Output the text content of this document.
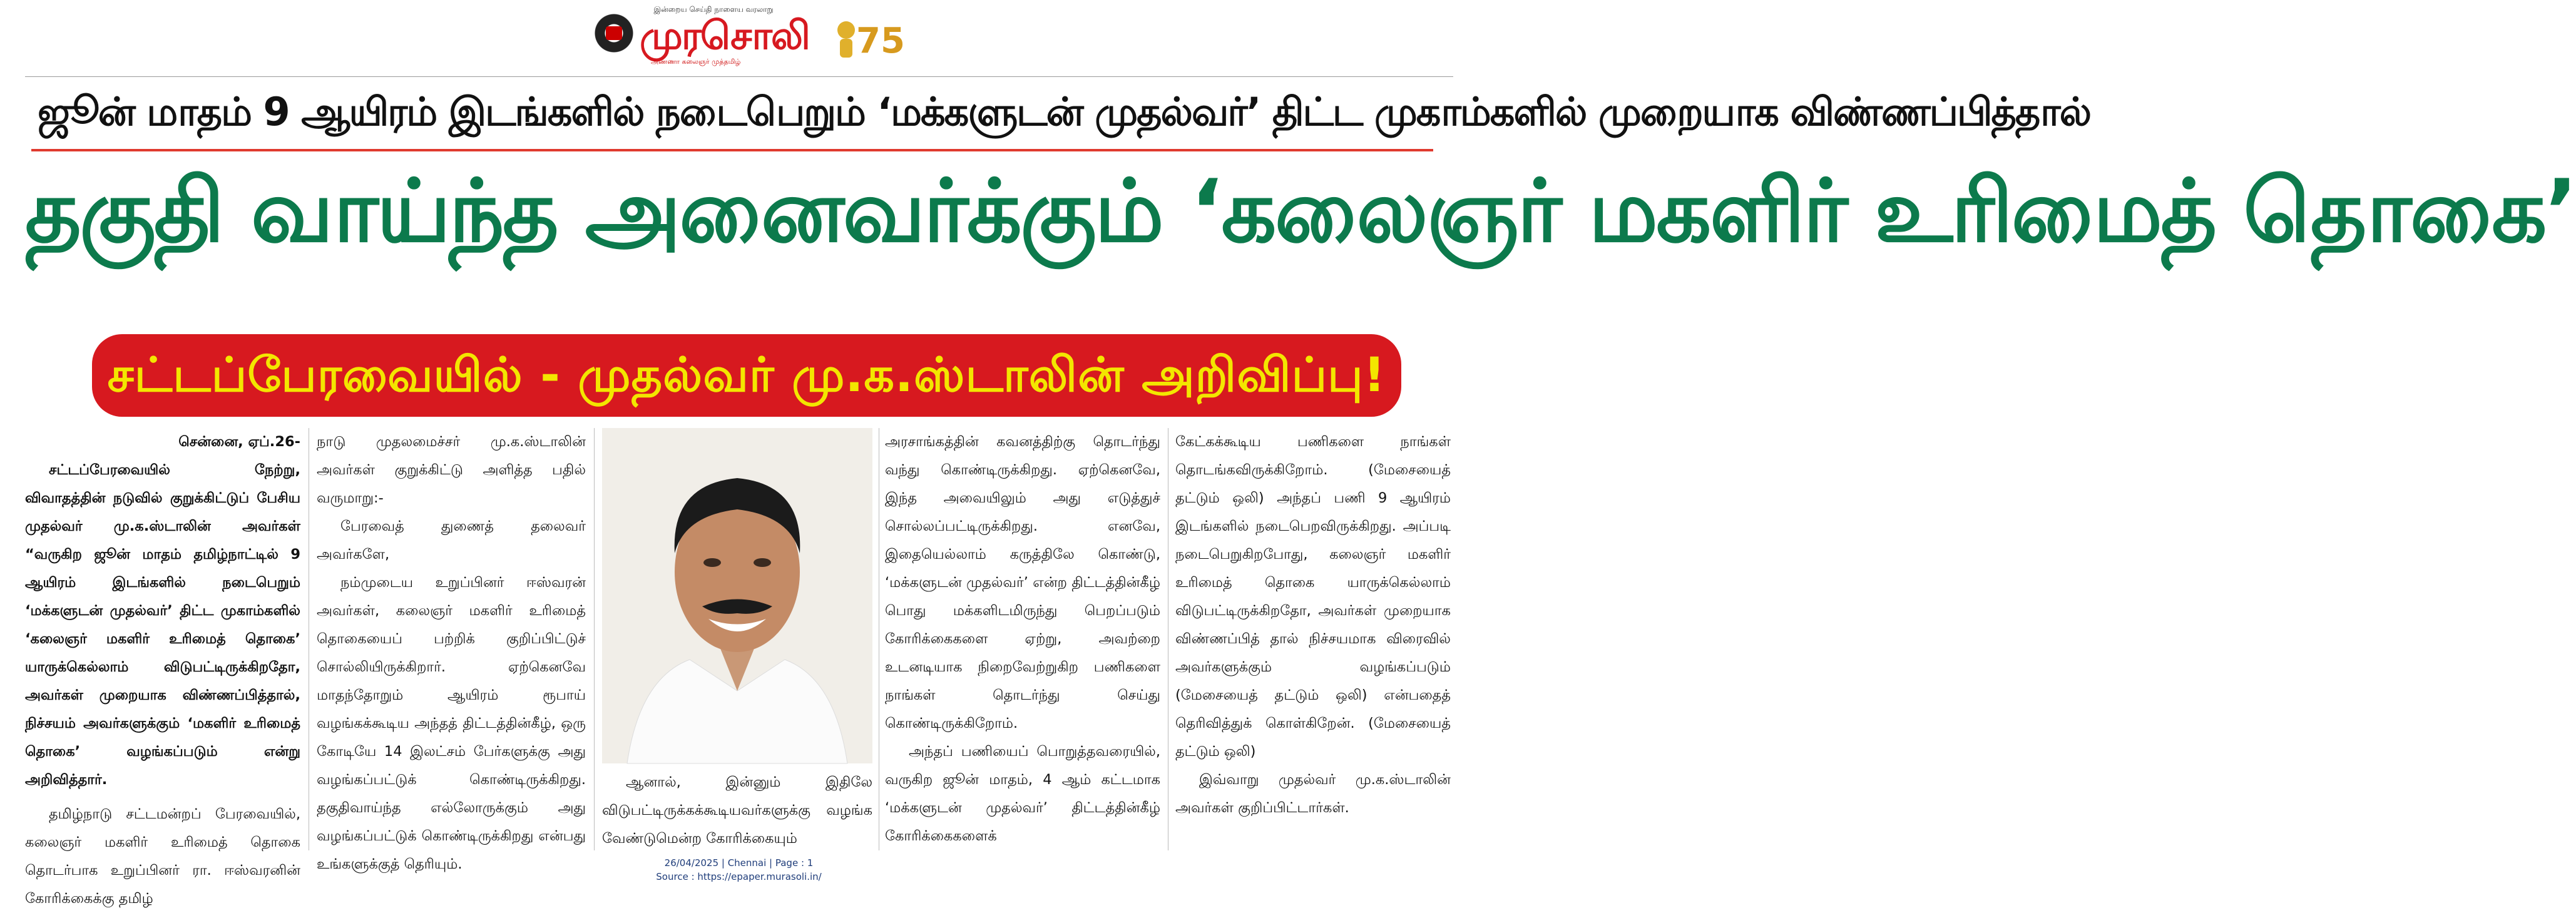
இன்றைய செய்தி நாளைய வரலாறு
முரசொலி
அண்ணா கலைஞர் முத்தமிழ்
75
ஜூன் மாதம் 9 ஆயிரம் இடங்களில் நடைபெறும் ‘மக்களுடன் முதல்வர்’ திட்ட முகாம்களில் முறையாக விண்ணப்பித்தால்
தகுதி வாய்ந்த அனைவர்க்கும் ‘கலைஞர் மகளிர் உரிமைத் தொகை’
சட்டப்பேரவையில் - முதல்வர் மு.க.ஸ்டாலின் அறிவிப்பு!

சென்னை, ஏப்.26-

சட்டப்பேரவையில் நேற்று, விவாதத்தின் நடுவில் குறுக்கிட்டுப் பேசிய முதல்வர் மு.க.ஸ்டாலின் அவர்கள் “வருகிற ஜூன் மாதம் தமிழ்நாட்டில் 9 ஆயிரம் இடங்களில் நடைபெறும் ‘மக்களுடன் முதல்வர்’ திட்ட முகாம்களில் ‘கலைஞர் மகளிர் உரிமைத் தொகை’ யாருக்கெல்லாம் விடுபட்டிருக்கிறதோ, அவர்கள் முறையாக விண்ணப்பித்தால், நிச்சயம் அவர்களுக்கும் ‘மகளிர் உரிமைத் தொகை’ வழங்கப்படும் என்று அறிவித்தார்.

தமிழ்நாடு சட்டமன்றப் பேரவையில், கலைஞர் மகளிர் உரிமைத் தொகை தொடர்பாக உறுப்பினர் ரா. ஈஸ்வரனின் கோரிக்கைக்கு தமிழ்

நாடு முதலமைச்சர் மு.க.ஸ்டாலின் அவர்கள் குறுக்கிட்டு அளித்த பதில் வருமாறு:-

பேரவைத் துணைத் தலைவர் அவர்களே,

நம்முடைய உறுப்பினர் ஈஸ்வரன் அவர்கள், கலைஞர் மகளிர் உரிமைத் தொகையைப் பற்றிக் குறிப்பிட்டுச் சொல்லியிருக்கிறார். ஏற்கெனவே மாதந்தோறும் ஆயிரம் ரூபாய் வழங்கக்கூடிய அந்தத் திட்டத்தின்கீழ், ஒரு கோடியே 14 இலட்சம் பேர்களுக்கு அது வழங்கப்பட்டுக் கொண்டிருக்கிறது. தகுதிவாய்ந்த எல்லோருக்கும் அது வழங்கப்பட்டுக் கொண்டிருக்கிறது என்பது உங்களுக்குத் தெரியும்.

ஆனால், இன்னும் இதிலே விடுபட்டிருக்கக்கூடியவர்களுக்கு வழங்க வேண்டுமென்ற கோரிக்கையும்

அரசாங்கத்தின் கவனத்திற்கு தொடர்ந்து வந்து கொண்டிருக்கிறது. ஏற்கெனவே, இந்த அவையிலும் அது எடுத்துச் சொல்லப்பட்டிருக்கிறது. எனவே, இதையெல்லாம் கருத்திலே கொண்டு, ‘மக்களுடன் முதல்வர்’ என்ற திட்டத்தின்கீழ் பொது மக்களிடமிருந்து பெறப்படும் கோரிக்கைகளை ஏற்று, அவற்றை உடனடியாக நிறைவேற்றுகிற பணிகளை நாங்கள் தொடர்ந்து செய்து கொண்டிருக்கிறோம்.

அந்தப் பணியைப் பொறுத்தவரையில், வருகிற ஜூன் மாதம், 4 ஆம் கட்டமாக ‘மக்களுடன் முதல்வர்’ திட்டத்தின்கீழ் கோரிக்கைகளைக்

கேட்கக்கூடிய பணிகளை நாங்கள் தொடங்கவிருக்கிறோம். (மேசையைத் தட்டும் ஒலி) அந்தப் பணி 9 ஆயிரம் இடங்களில் நடைபெறவிருக்கிறது. அப்படி நடைபெறுகிறபோது, கலைஞர் மகளிர் உரிமைத் தொகை யாருக்கெல்லாம் விடுபட்டிருக்கிறதோ, அவர்கள் முறையாக விண்ணப்பித் தால் நிச்சயமாக விரைவில் அவர்களுக்கும் வழங்கப்படும் (மேசையைத் தட்டும் ஒலி) என்பதைத் தெரிவித்துக் கொள்கிறேன். (மேசையைத் தட்டும் ஒலி)

இவ்வாறு முதல்வர் மு.க.ஸ்டாலின் அவர்கள் குறிப்பிட்டார்கள்.

26/04/2025 | Chennai | Page : 1
Source : https://epaper.murasoli.in/
